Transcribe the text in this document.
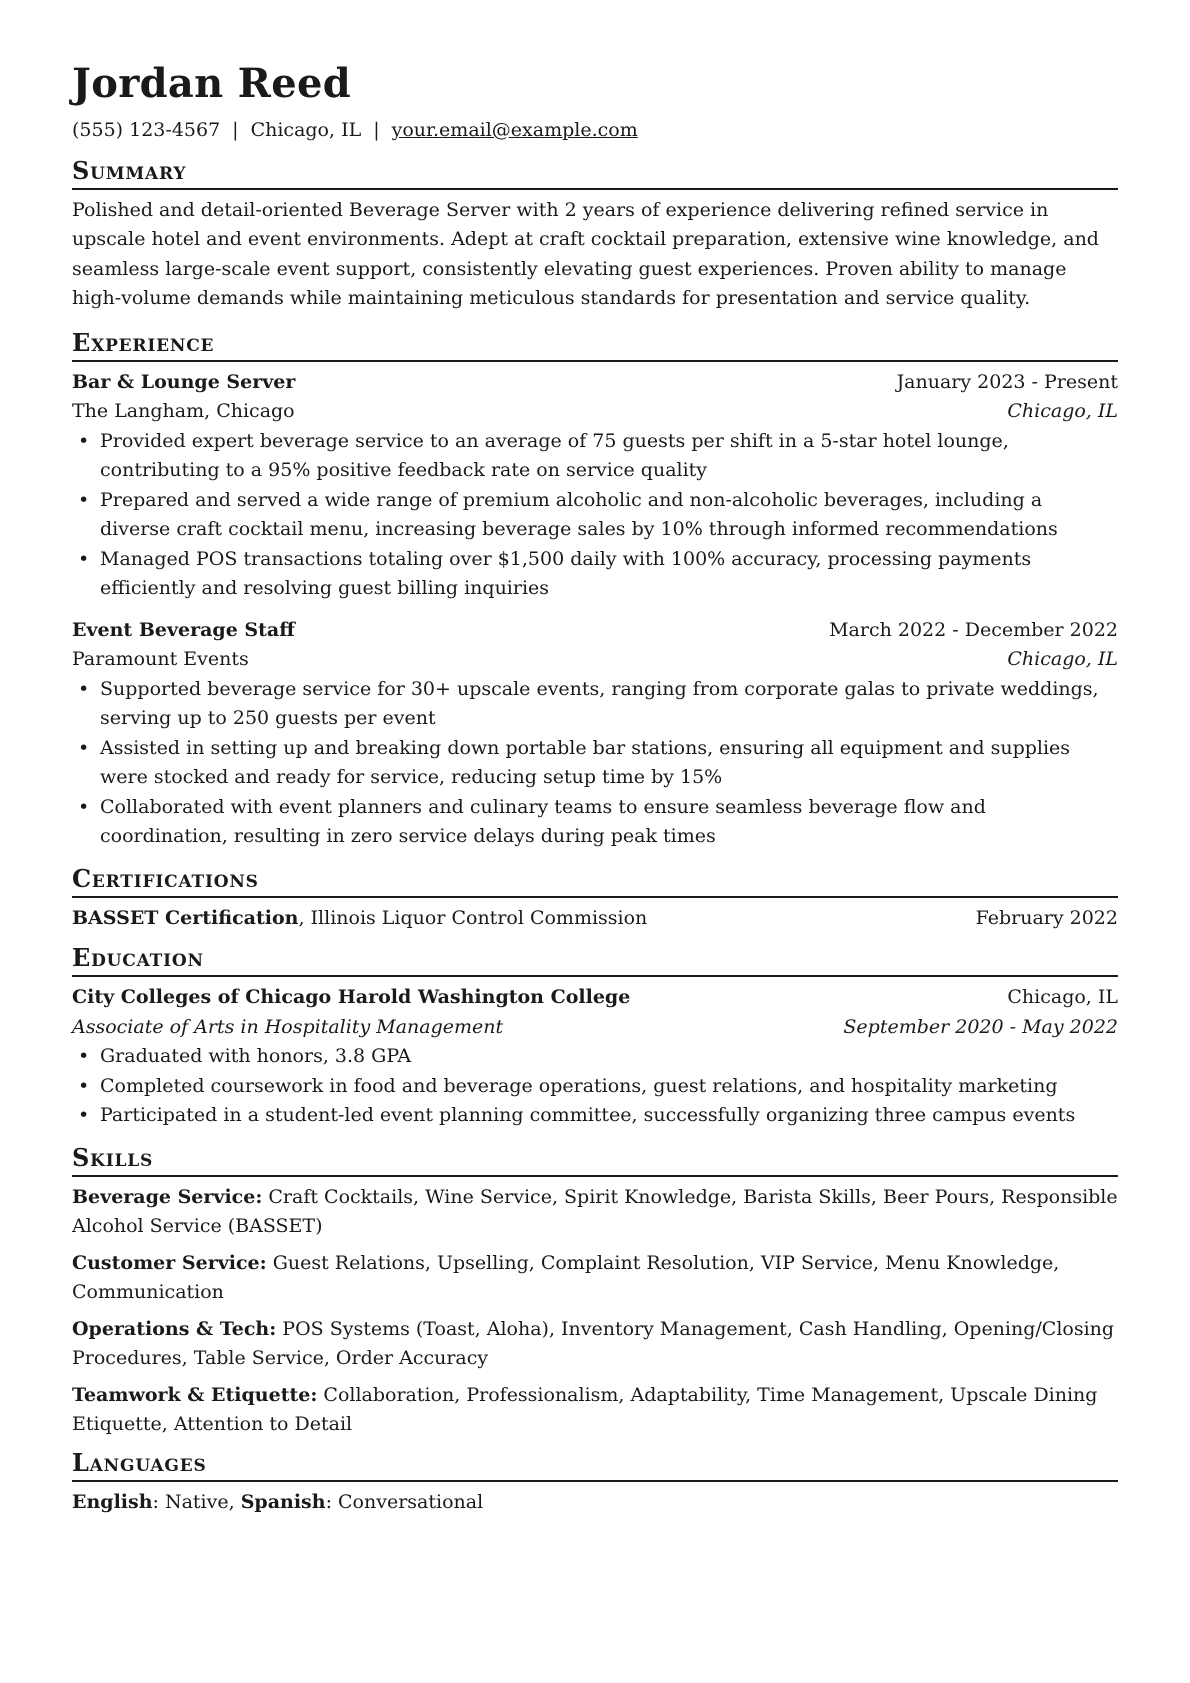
Jordan Reed
(555) 123-4567 | Chicago, IL | your.email@example.com
Summary

Polished and detail-oriented Beverage Server with 2 years of experience delivering refined service in upscale hotel and event environments. Adept at craft cocktail preparation, extensive wine knowledge, and seamless large-scale event support, consistently elevating guest experiences. Proven ability to manage high-volume demands while maintaining meticulous standards for presentation and service quality.

Experience
Bar & Lounge Server	January 2023 - Present
The Langham, Chicago	Chicago, IL
• Provided expert beverage service to an average of 75 guests per shift in a 5-star hotel lounge, contributing to a 95% positive feedback rate on service quality
• Prepared and served a wide range of premium alcoholic and non-alcoholic beverages, including a diverse craft cocktail menu, increasing beverage sales by 10% through informed recommendations
• Managed POS transactions totaling over $1,500 daily with 100% accuracy, processing payments efficiently and resolving guest billing inquiries
Event Beverage Staff	March 2022 - December 2022
Paramount Events	Chicago, IL
• Supported beverage service for 30+ upscale events, ranging from corporate galas to private weddings, serving up to 250 guests per event
• Assisted in setting up and breaking down portable bar stations, ensuring all equipment and supplies were stocked and ready for service, reducing setup time by 15%
• Collaborated with event planners and culinary teams to ensure seamless beverage flow and coordination, resulting in zero service delays during peak times
Certifications
BASSET Certification, Illinois Liquor Control Commission	February 2022
Education
City Colleges of Chicago Harold Washington College	Chicago, IL
Associate of Arts in Hospitality Management	September 2020 - May 2022
• Graduated with honors, 3.8 GPA
• Completed coursework in food and beverage operations, guest relations, and hospitality marketing
• Participated in a student-led event planning committee, successfully organizing three campus events
Skills

Beverage Service: Craft Cocktails, Wine Service, Spirit Knowledge, Barista Skills, Beer Pours, Responsible Alcohol Service (BASSET)

Customer Service: Guest Relations, Upselling, Complaint Resolution, VIP Service, Menu Knowledge, Communication

Operations & Tech: POS Systems (Toast, Aloha), Inventory Management, Cash Handling, Opening/Closing Procedures, Table Service, Order Accuracy

Teamwork & Etiquette: Collaboration, Professionalism, Adaptability, Time Management, Upscale Dining Etiquette, Attention to Detail

Languages

English: Native, Spanish: Conversational
